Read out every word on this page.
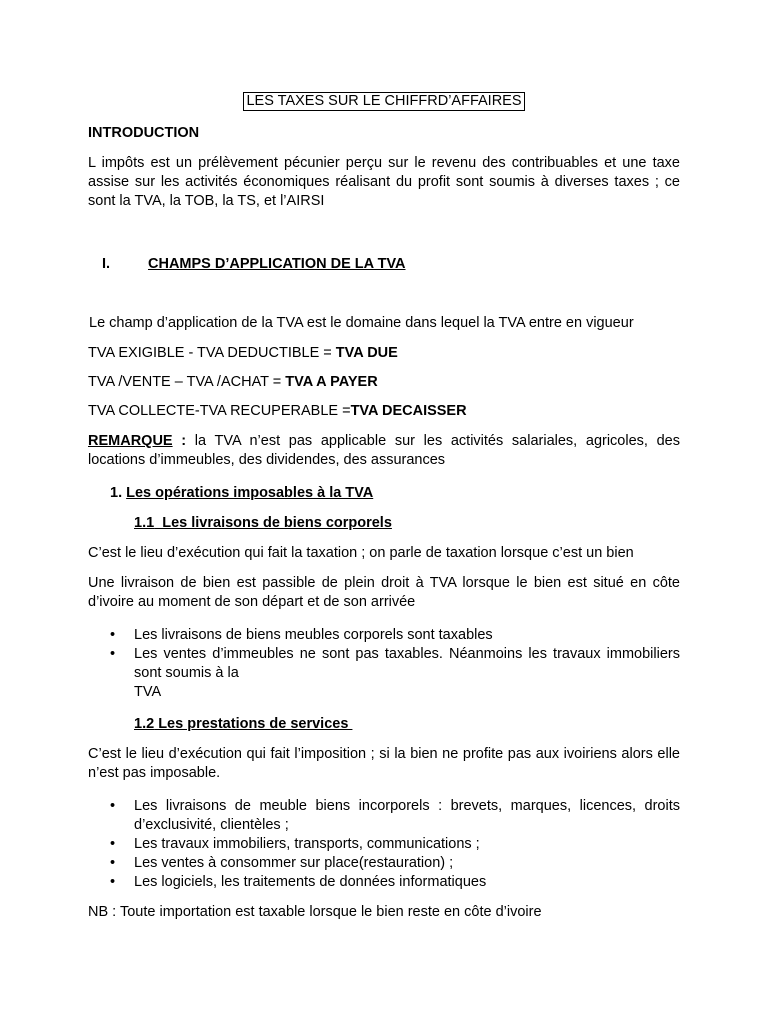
LES TAXES SUR LE CHIFFRD’AFFAIRES
INTRODUCTION
L impôts est un prélèvement pécunier perçu sur le revenu des contribuables et une taxe assise sur les activités économiques réalisant du profit sont soumis à diverses taxes ; ce sont la TVA, la TOB, la TS, et l’AIRSI
I.	CHAMPS D’APPLICATION DE LA TVA
Le champ d’application de la TVA est le domaine dans lequel la TVA entre en vigueur
TVA EXIGIBLE - TVA DEDUCTIBLE = TVA DUE
TVA /VENTE – TVA /ACHAT = TVA A PAYER
TVA COLLECTE-TVA RECUPERABLE =TVA DECAISSER
REMARQUE : la TVA n’est pas applicable sur les activités salariales, agricoles, des locations d’immeubles, des dividendes, des assurances
1. Les opérations imposables à la TVA
1.1  Les livraisons de biens corporels
C’est le lieu d’exécution qui fait la taxation ; on parle de taxation lorsque c’est un bien
Une livraison de bien est passible de plein droit à TVA lorsque le bien est situé en côte d’ivoire au moment de son départ et de son arrivée
• Les livraisons de biens meubles corporels sont taxables
• Les ventes d’immeubles ne sont pas taxables. Néanmoins les travaux immobiliers sont soumis à la
TVA
1.2 Les prestations de services
C’est le lieu d’exécution qui fait l’imposition ; si la bien ne profite pas aux ivoiriens alors elle n’est pas imposable.
• Les livraisons de meuble biens incorporels : brevets, marques, licences, droits d’exclusivité, clientèles ;
• Les travaux immobiliers, transports, communications ;
• Les ventes à consommer sur place(restauration) ;
• Les logiciels, les traitements de données informatiques
NB : Toute importation est taxable lorsque le bien reste en côte d’ivoire
